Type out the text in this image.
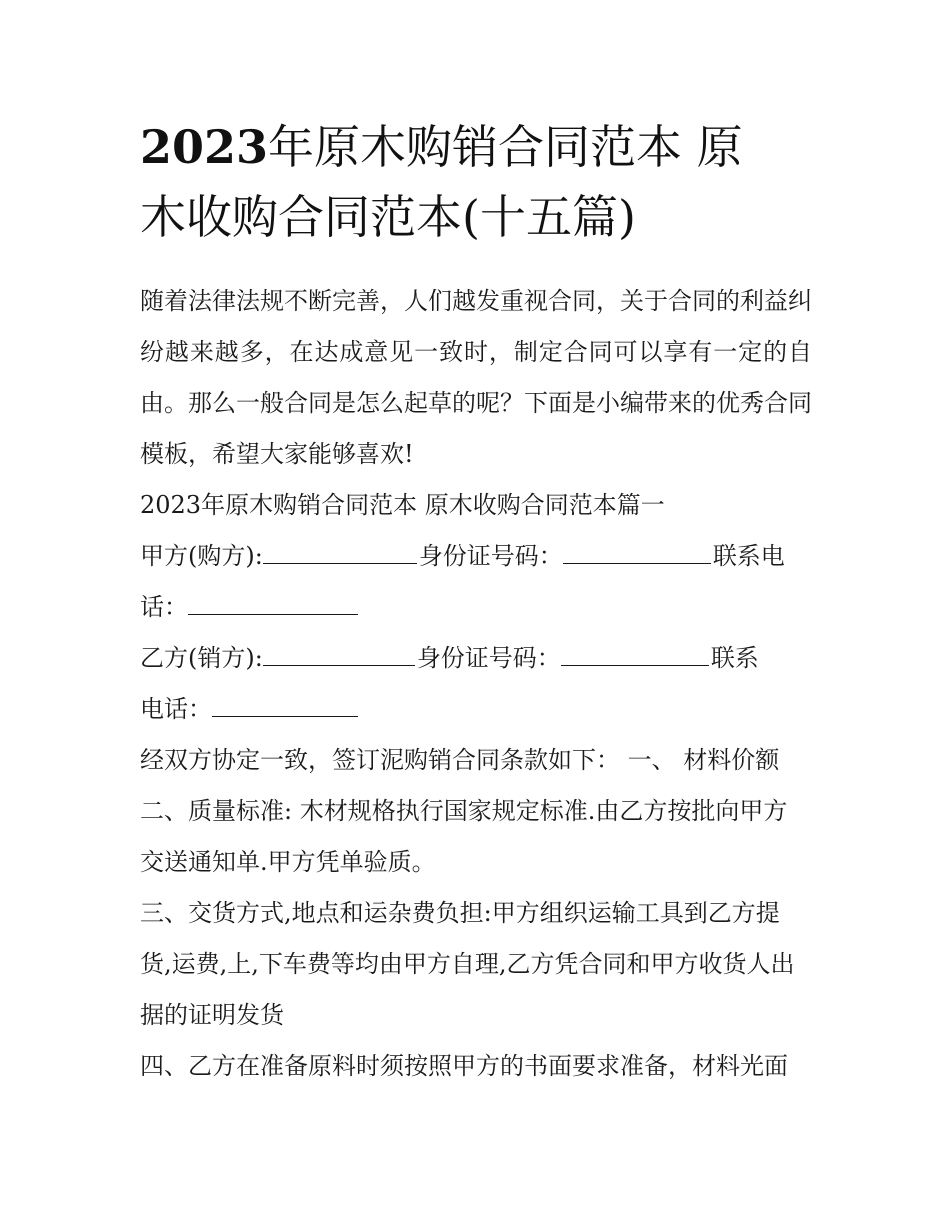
2023年原木购销合同范本 原
木收购合同范本(十五篇)
随着法律法规不断完善，人们越发重视合同，关于合同的利益纠纷越来越多，在达成意见一致时，制定合同可以享有一定的自由。那么一般合同是怎么起草的呢？下面是小编带来的优秀合同模板，希望大家能够喜欢!
2023年原木购销合同范本 原木收购合同范本篇一
甲方(购方):	身份证号码：	联系电
话：
乙方(销方):	身份证号码：	联系
电话：
经双方协定一致，签订泥购销合同条款如下： 一、 材料价额
二、质量标准: 木材规格执行国家规定标准.由乙方按批向甲方
交送通知单.甲方凭单验质。
三、交货方式,地点和运杂费负担:甲方组织运输工具到乙方提
货,运费,上,下车费等均由甲方自理,乙方凭合同和甲方收货人出
据的证明发货
四、乙方在准备原料时须按照甲方的书面要求准备，材料光面
